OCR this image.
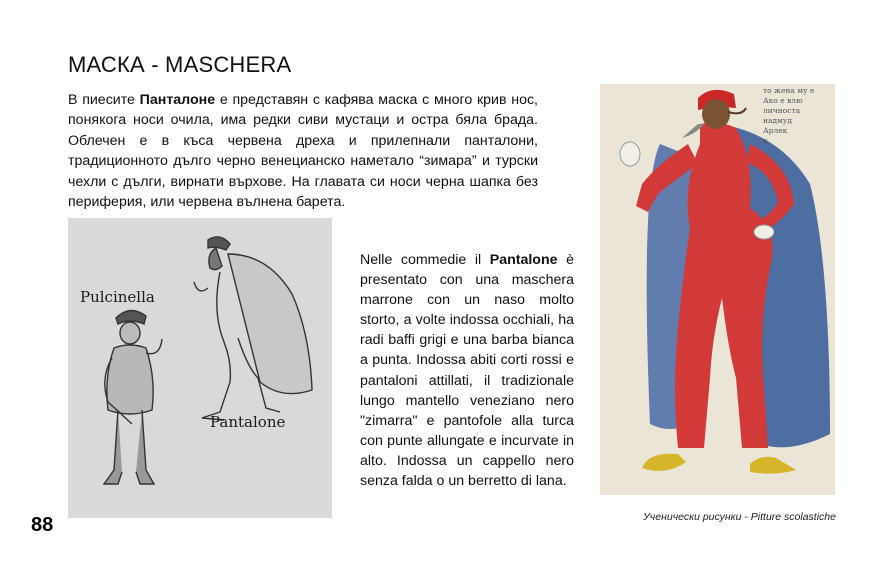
МАСКА - MASCHERA
В пиесите Панталоне е представян с кафява маска с много крив нос, понякога носи очила, има редки сиви мустаци и остра бяла брада. Облечен е в къса червена дреха и прилепнали панталони, традиционното дълго черно венецианско наметало “зимара” и турски чехли с дълги, вирнати върхове. На главата си носи черна шапка без периферия, или червена вълнена барета.
Pulcinella
Pantalone
Nelle commedie il Pantalone è presentato con una maschera marrone con un naso molto storto, a volte indossa occhiali, ha radi baffi grigi e una barba bianca a punta. Indossa abiti corti rossi e pantaloni attillati, il tradizionale lungo mantello veneziano nero "zimarra" e pantofole alla turca con punte allungate e incurvate in alto. Indossa un cappello nero senza falda o un berretto di lana.
то жена му е
Ако е влю
личностa
надмуд
Арлек
к
Ученически рисунки - Pitture scolastiche
88
